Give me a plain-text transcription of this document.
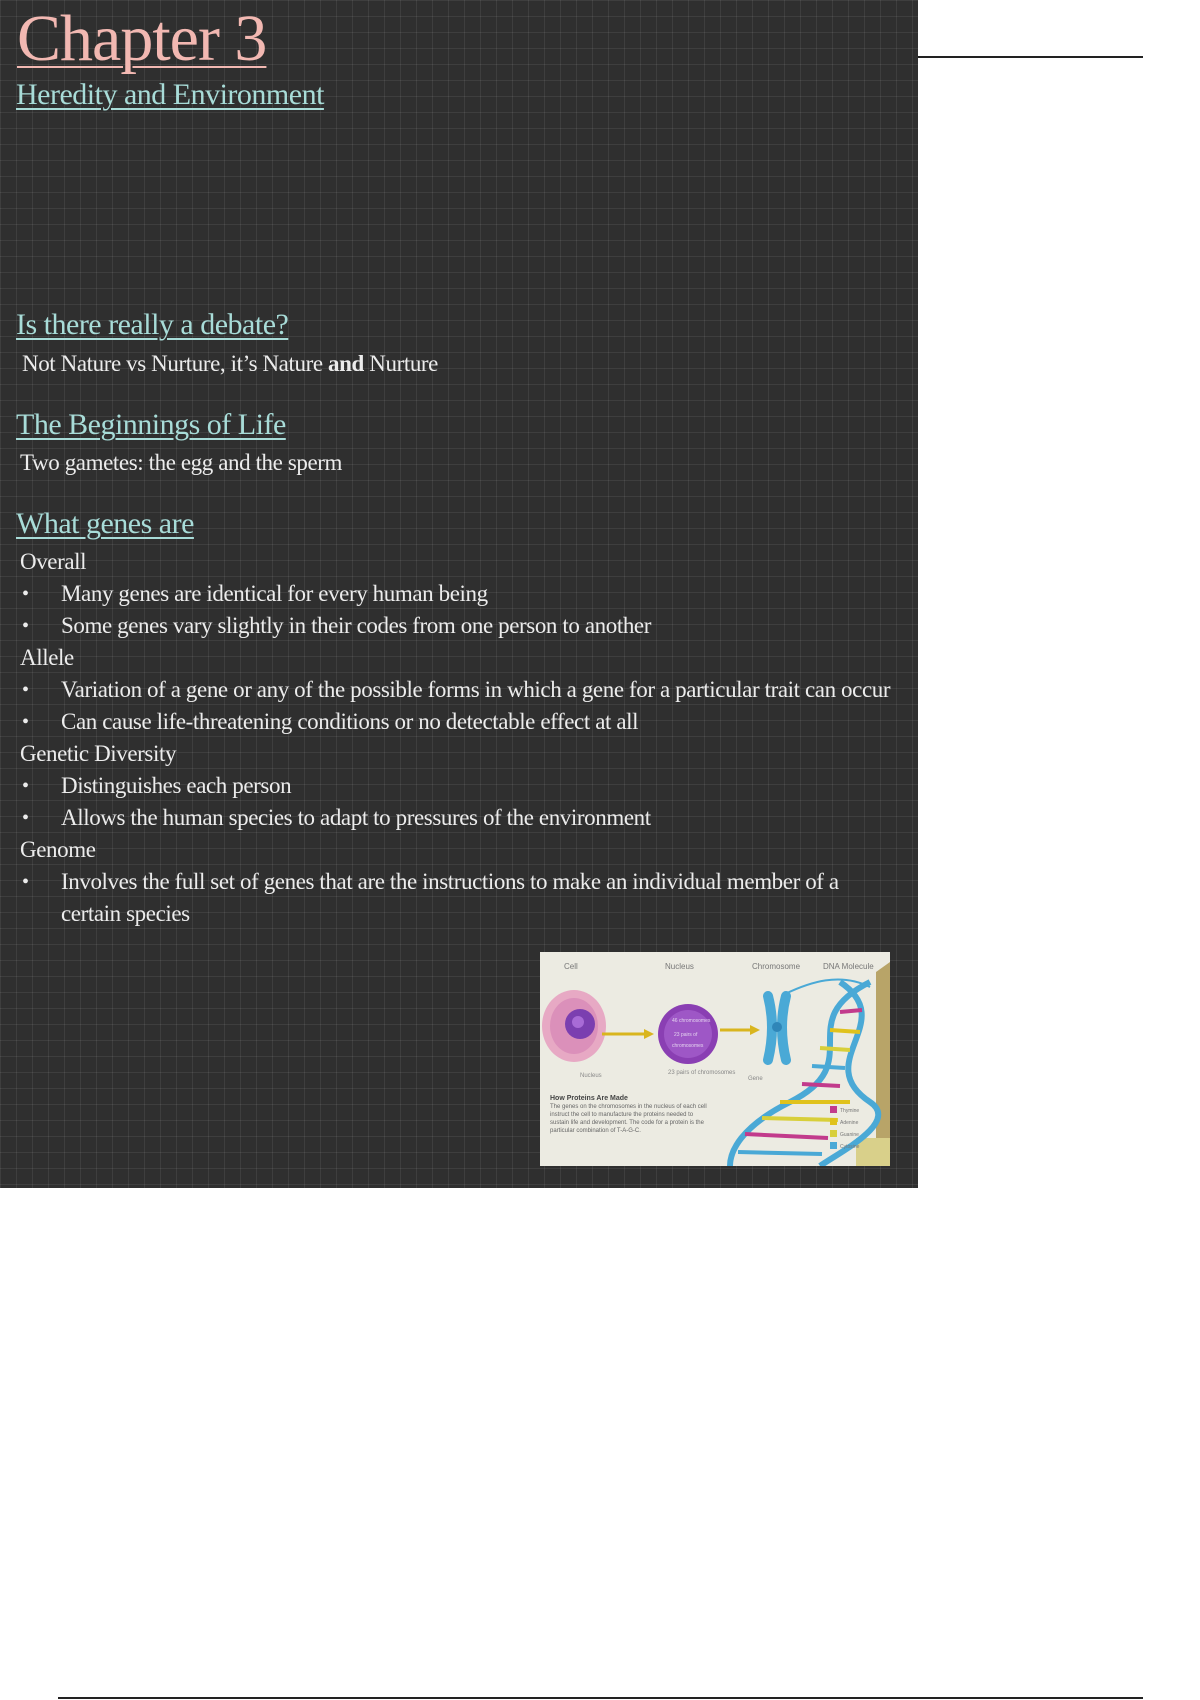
Chapter 3
Heredity and Environment
Is there really a debate?

Not Nature vs Nurture, it’s Nature and Nurture

The Beginnings of Life

Two gametes: the egg and the sperm

What genes are

Overall

• Many genes are identical for every human being
• Some genes vary slightly in their codes from one person to another

Allele

• Variation of a gene or any of the possible forms in which a gene for a particular trait can occur
• Can cause life-threatening conditions or no detectable effect at all

Genetic Diversity

• Distinguishes each person
• Allows the human species to adapt to pressures of the environment

Genome

• Involves the full set of genes that are the instructions to make an individual member of a certain species
Cell	Nucleus	Chromosome	DNA Molecule
Nucleus
46 chromosomes
23 pairs of
chromosomes
23 pairs of chromosomes
Gene
How Proteins Are Made
The genes on the chromosomes in the nucleus of each cell instruct the cell to manufacture the proteins needed to sustain life and development. The code for a protein is the particular combination of T-A-G-C.
Thymine
Adenine
Guanine
Cytosine
